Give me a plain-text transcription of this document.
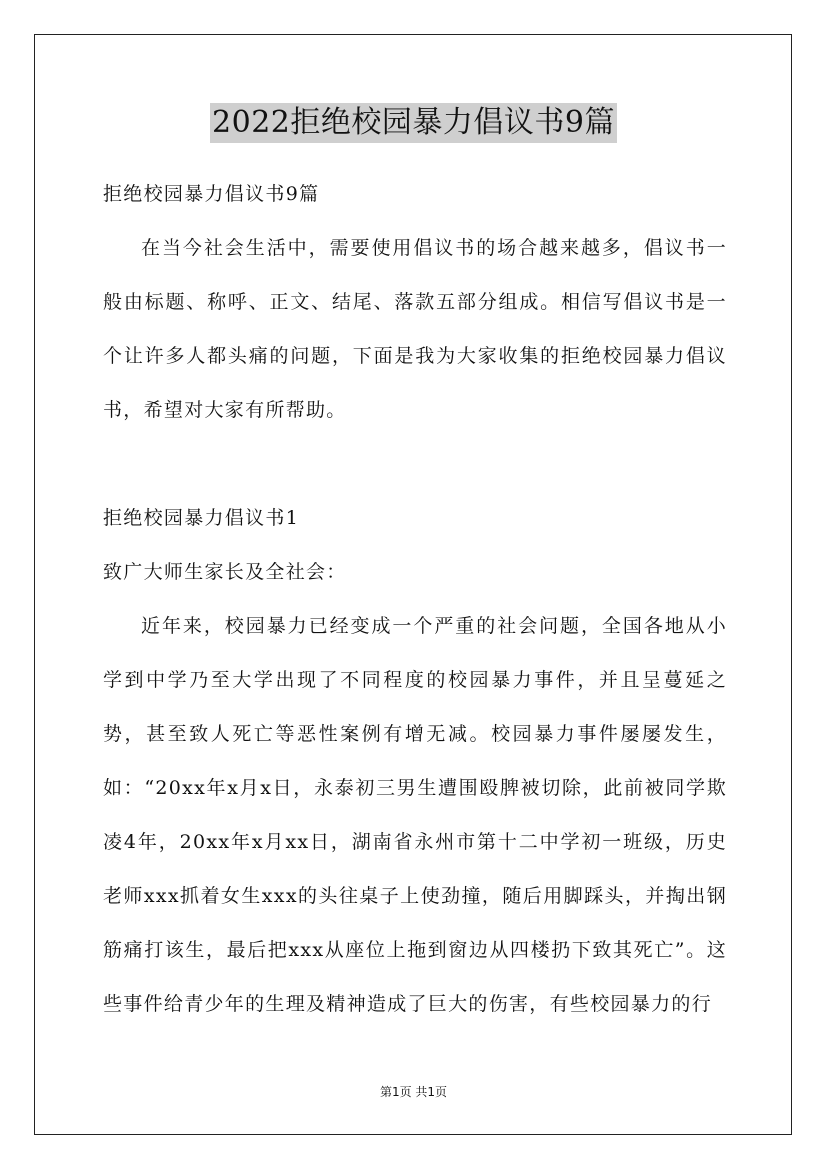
2022拒绝校园暴力倡议书9篇
拒绝校园暴力倡议书9篇
在当今社会生活中，需要使用倡议书的场合越来越多，倡议书一般由标题、称呼、正文、结尾、落款五部分组成。相信写倡议书是一个让许多人都头痛的问题，下面是我为大家收集的拒绝校园暴力倡议书，希望对大家有所帮助。
拒绝校园暴力倡议书1
致广大师生家长及全社会：
近年来，校园暴力已经变成一个严重的社会问题，全国各地从小学到中学乃至大学出现了不同程度的校园暴力事件，并且呈蔓延之势，甚至致人死亡等恶性案例有增无减。校园暴力事件屡屡发生，如：“20xx年x月x日，永泰初三男生遭围殴脾被切除，此前被同学欺凌4年，20xx年x月xx日，湖南省永州市第十二中学初一班级，历史老师xxx抓着女生xxx的头往桌子上使劲撞，随后用脚踩头，并掏出钢筋痛打该生，最后把xxx从座位上拖到窗边从四楼扔下致其死亡”。这些事件给青少年的生理及精神造成了巨大的伤害，有些校园暴力的行
第1页 共1页
